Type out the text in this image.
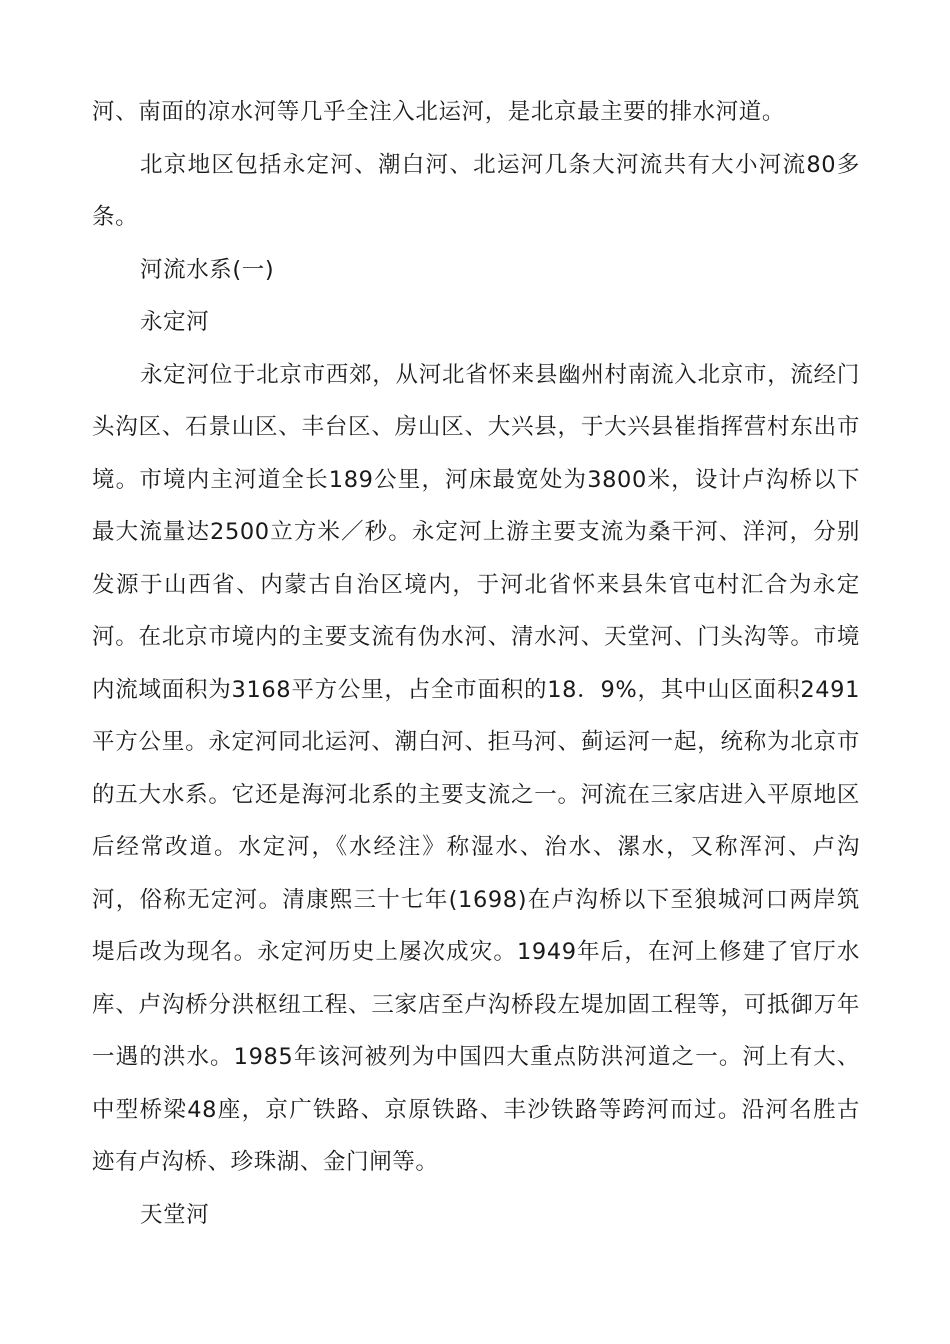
河、南面的凉水河等几乎全注入北运河，是北京最主要的排水河道。

北京地区包括永定河、潮白河、北运河几条大河流共有大小河流80多条。

河流水系(一)

永定河

永定河位于北京市西郊，从河北省怀来县幽州村南流入北京市，流经门头沟区、石景山区、丰台区、房山区、大兴县，于大兴县崔指挥营村东出市境。市境内主河道全长189公里，河床最宽处为3800米，设计卢沟桥以下最大流量达2500立方米／秒。永定河上游主要支流为桑干河、洋河，分别发源于山西省、内蒙古自治区境内，于河北省怀来县朱官屯村汇合为永定河。在北京市境内的主要支流有伪水河、清水河、天堂河、门头沟等。市境内流域面积为3168平方公里，占全市面积的18．9%，其中山区面积2491平方公里。永定河同北运河、潮白河、拒马河、蓟运河一起，统称为北京市的五大水系。它还是海河北系的主要支流之一。河流在三家店进入平原地区后经常改道。水定河，《水经注》称湿水、治水、漯水，又称浑河、卢沟河，俗称无定河。清康熙三十七年(1698)在卢沟桥以下至狼城河口两岸筑堤后改为现名。永定河历史上屡次成灾。1949年后，在河上修建了官厅水库、卢沟桥分洪枢纽工程、三家店至卢沟桥段左堤加固工程等，可抵御万年一遇的洪水。1985年该河被列为中国四大重点防洪河道之一。河上有大、中型桥梁48座，京广铁路、京原铁路、丰沙铁路等跨河而过。沿河名胜古迹有卢沟桥、珍珠湖、金门闸等。

天堂河
